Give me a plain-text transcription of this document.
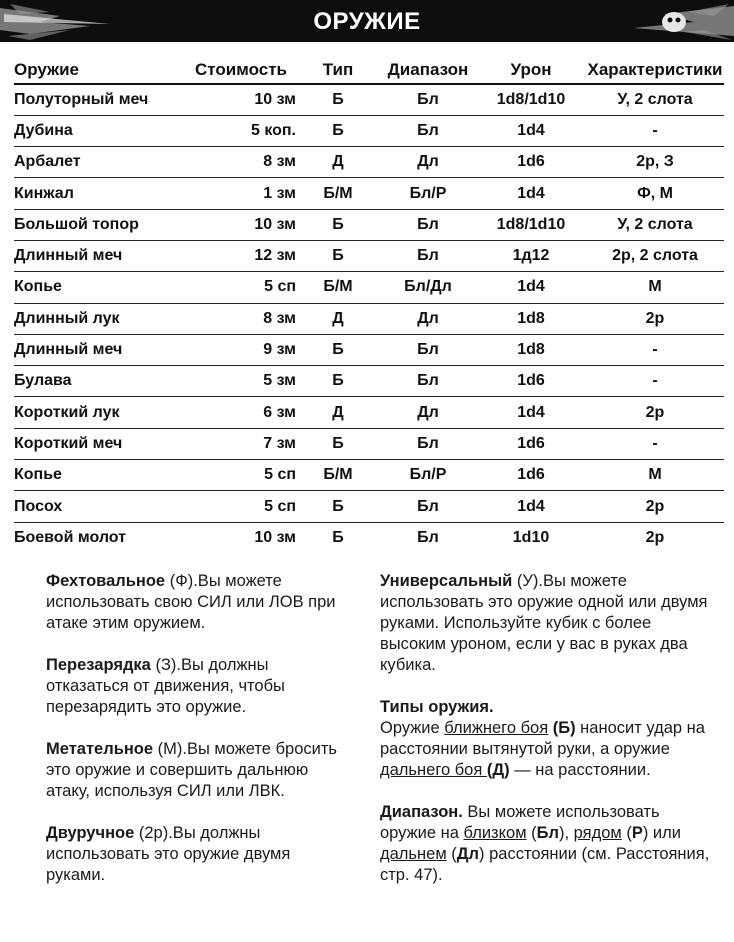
ОРУЖИЕ
Оружие	Стоимость	Тип	Диапазон	Урон	Характеристики
Полуторный меч	10 зм	Б	Бл	1d8/1d10	У, 2 слота
Дубина	5 коп.	Б	Бл	1d4	-
Арбалет	8 зм	Д	Дл	1d6	2р, З
Кинжал	1 зм	Б/М	Бл/Р	1d4	Ф, М
Большой топор	10 зм	Б	Бл	1d8/1d10	У, 2 слота
Длинный меч	12 зм	Б	Бл	1д12	2р, 2 слота
Копье	5 сп	Б/М	Бл/Дл	1d4	М
Длинный лук	8 зм	Д	Дл	1d8	2р
Длинный меч	9 зм	Б	Бл	1d8	-
Булава	5 зм	Б	Бл	1d6	-
Короткий лук	6 зм	Д	Дл	1d4	2р
Короткий меч	7 зм	Б	Бл	1d6	-
Копье	5 сп	Б/М	Бл/Р	1d6	М
Посох	5 сп	Б	Бл	1d4	2р
Боевой молот	10 зм	Б	Бл	1d10	2р

Фехтовальное (Ф).Вы можете использовать свою СИЛ или ЛОВ при атаке этим оружием.

Перезарядка (З).Вы должны отказаться от движения, чтобы перезарядить это оружие.

Метательное (М).Вы можете бросить это оружие и совершить дальнюю атаку, используя СИЛ или ЛВК.

Двуручное (2р).Вы должны использовать это оружие двумя руками.

Универсальный (У).Вы можете использовать это оружие одной или двумя руками. Используйте кубик с более высоким уроном, если у вас в руках два кубика.

Типы оружия.
Оружие ближнего боя (Б) наносит удар на расстоянии вытянутой руки, а оружие дальнего боя (Д) — на расстоянии.

Диапазон. Вы можете использовать оружие на близком (Бл), рядом (Р) или дальнем (Дл) расстоянии (см. Расстояния, стр. 47).
